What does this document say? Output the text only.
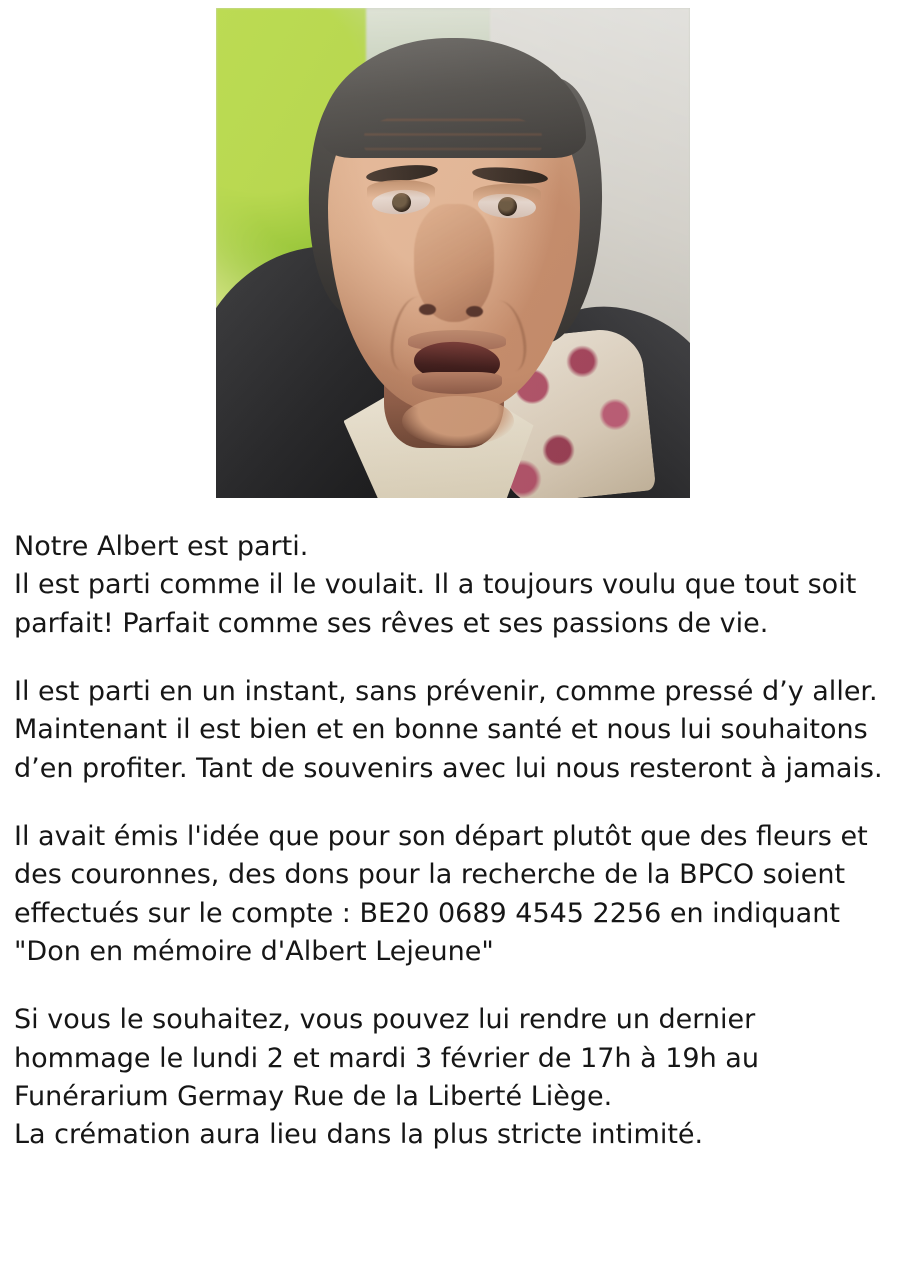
Notre Albert est parti.
Il est parti comme il le voulait. Il a toujours voulu que tout soit parfait! Parfait comme ses rêves et ses passions de vie.

Il est parti en un instant, sans prévenir, comme pressé d’y aller. Maintenant il est bien et en bonne santé et nous lui souhaitons d’en profiter. Tant de souvenirs avec lui nous resteront à jamais.

Il avait émis l'idée que pour son départ plutôt que des fleurs et des couronnes, des dons pour la recherche de la BPCO soient effectués sur le compte : BE20 0689 4545 2256 en indiquant "Don en mémoire d'Albert Lejeune"

Si vous le souhaitez, vous pouvez lui rendre un dernier hommage le lundi 2 et mardi 3 février de 17h à 19h au Funérarium Germay Rue de la Liberté Liège.
La crémation aura lieu dans la plus stricte intimité.
